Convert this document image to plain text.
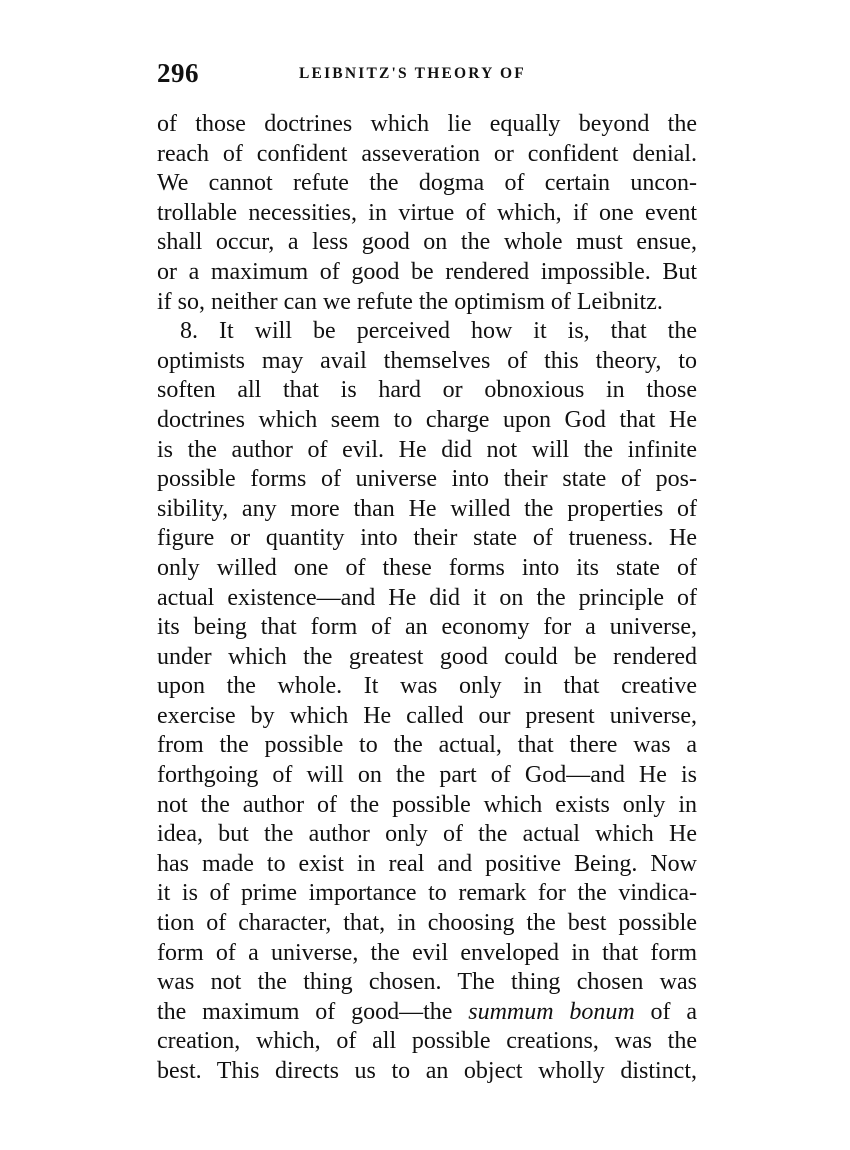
296	LEIBNITZ'S THEORY OF
of those doctrines which lie equally beyond the
reach of confident asseveration or confident denial.
We cannot refute the dogma of certain uncon-
trollable necessities, in virtue of which, if one event
shall occur, a less good on the whole must ensue,
or a maximum of good be rendered impossible. But
if so, neither can we refute the optimism of Leibnitz.
8. It will be perceived how it is, that the
optimists may avail themselves of this theory, to
soften all that is hard or obnoxious in those
doctrines which seem to charge upon God that He
is the author of evil. He did not will the infinite
possible forms of universe into their state of pos-
sibility, any more than He willed the properties of
figure or quantity into their state of trueness. He
only willed one of these forms into its state of
actual existence—and He did it on the principle of
its being that form of an economy for a universe,
under which the greatest good could be rendered
upon the whole. It was only in that creative
exercise by which He called our present universe,
from the possible to the actual, that there was a
forthgoing of will on the part of God—and He is
not the author of the possible which exists only in
idea, but the author only of the actual which He
has made to exist in real and positive Being. Now
it is of prime importance to remark for the vindica-
tion of character, that, in choosing the best possible
form of a universe, the evil enveloped in that form
was not the thing chosen. The thing chosen was
the maximum of good—the summum bonum of a
creation, which, of all possible creations, was the
best. This directs us to an object wholly distinct,
